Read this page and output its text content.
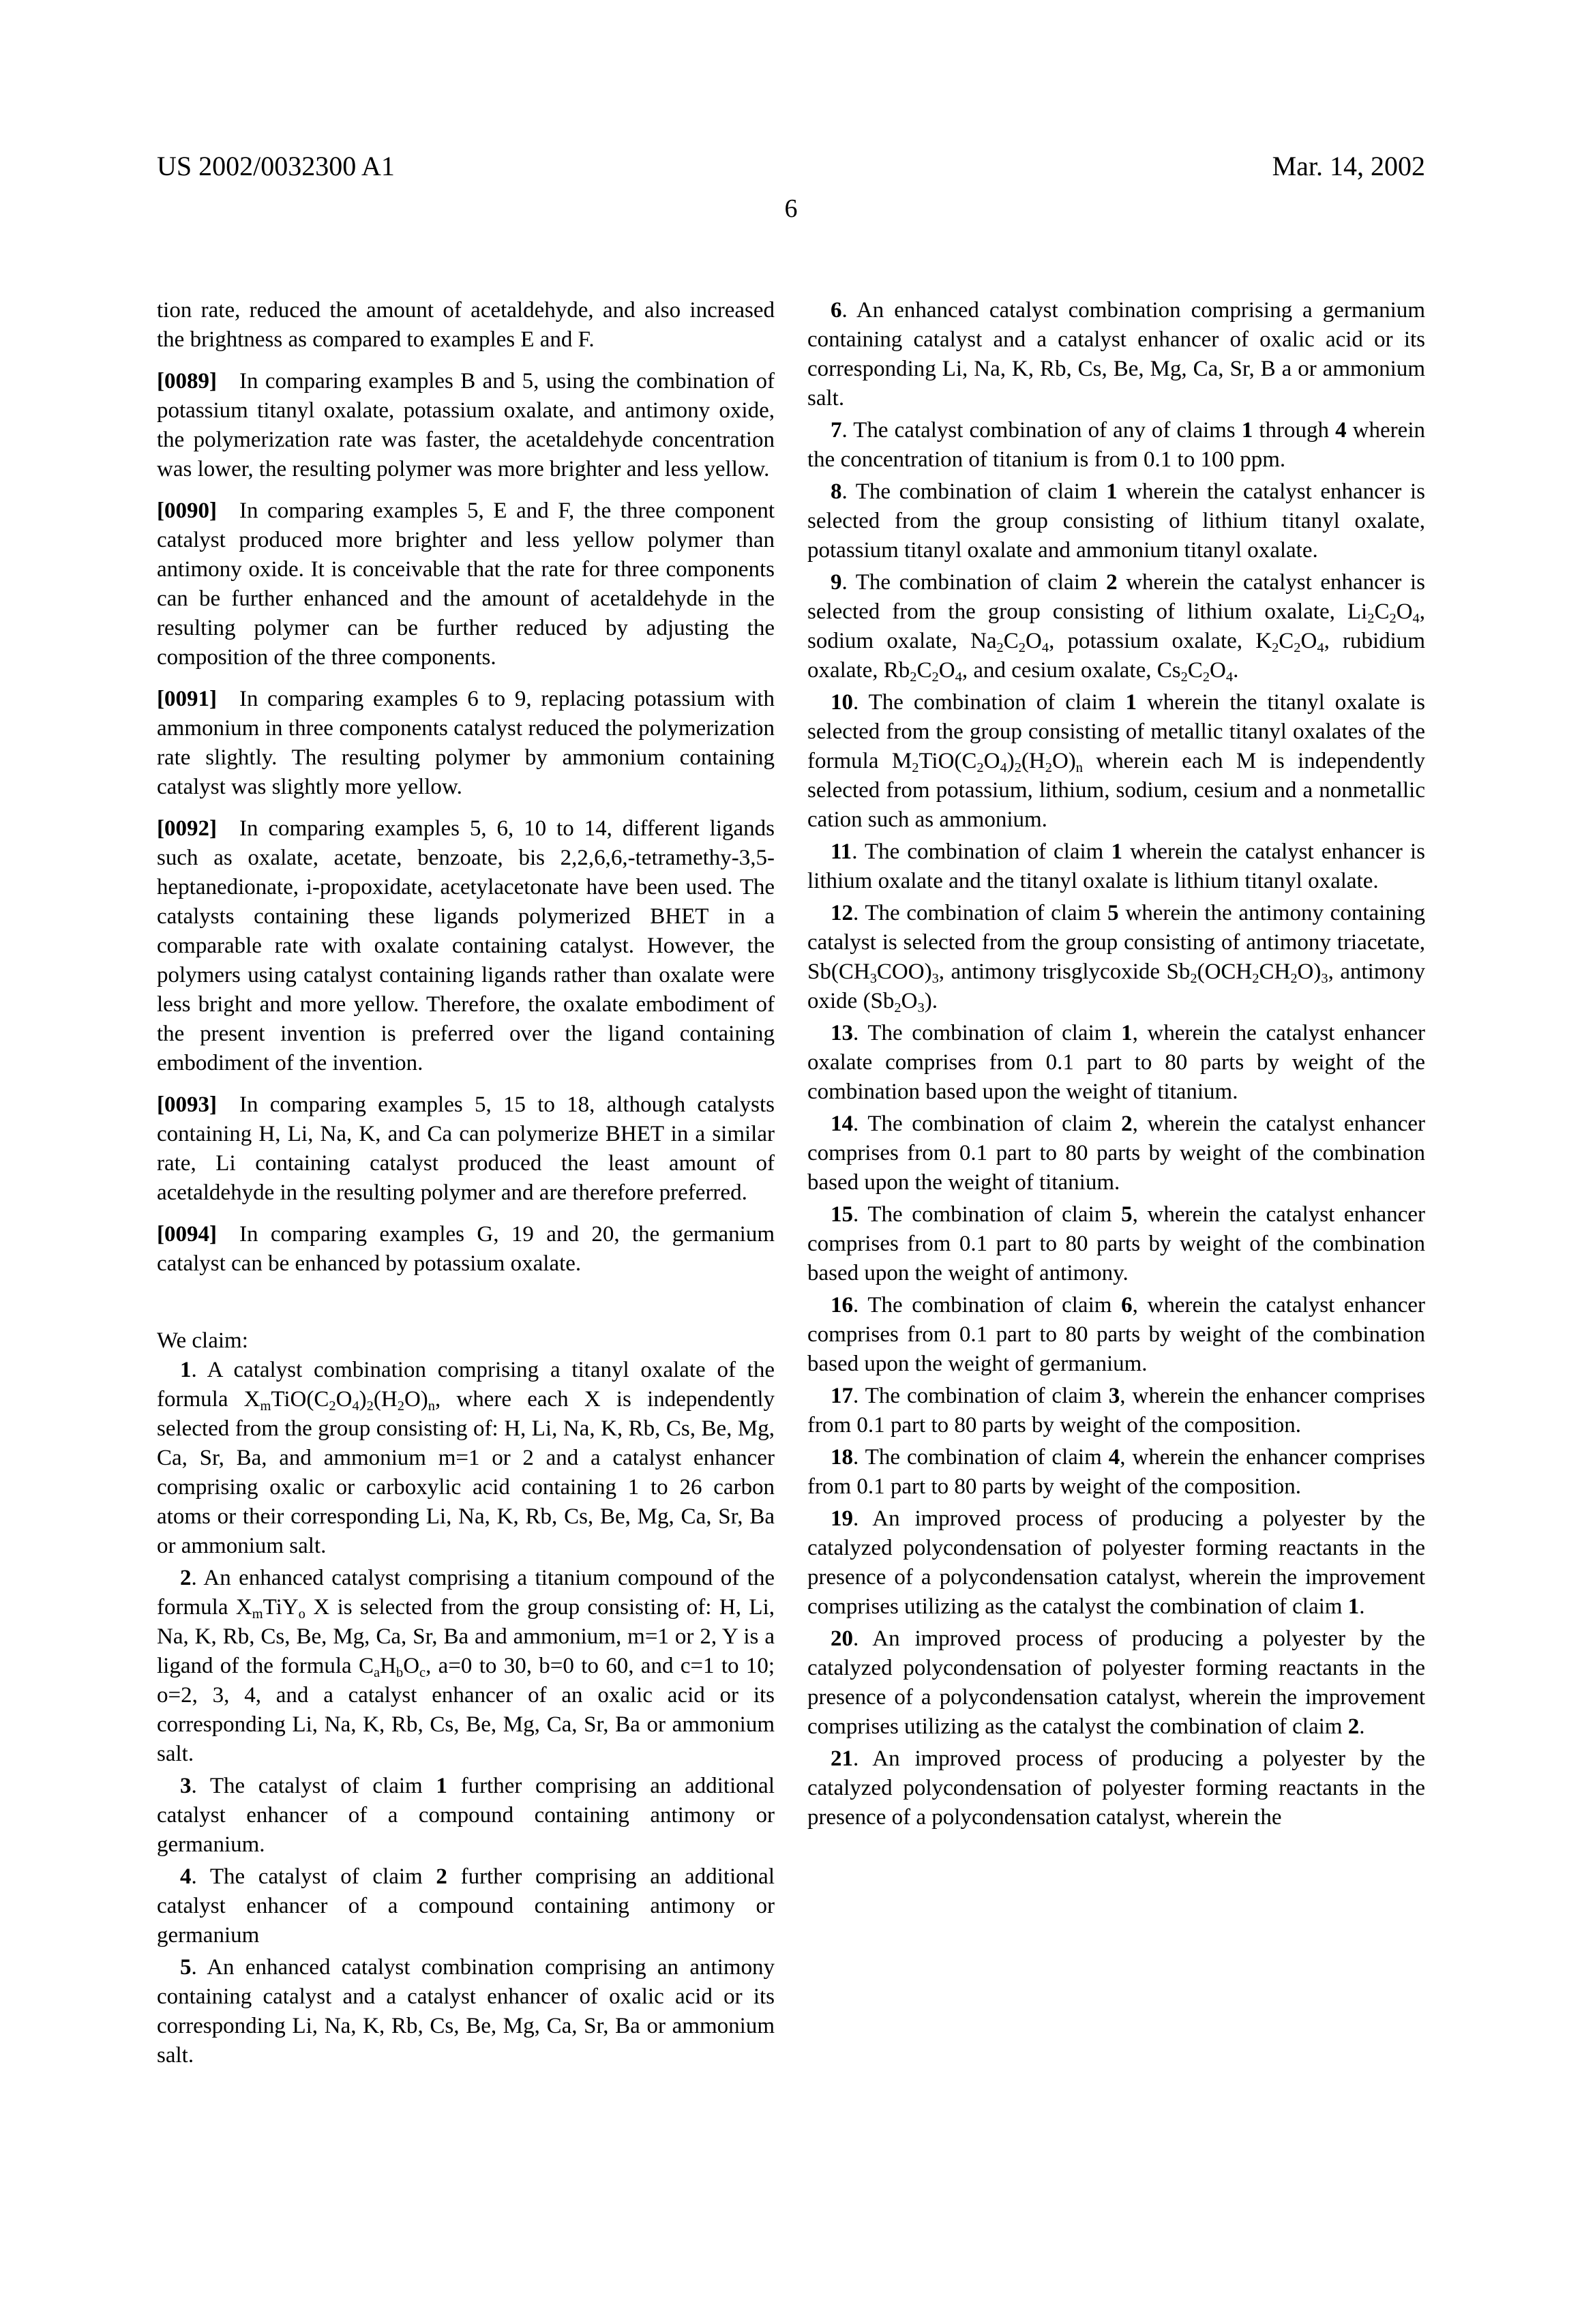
US 2002/0032300 A1	Mar. 14, 2002
6

tion rate, reduced the amount of acetaldehyde, and also increased the brightness as compared to examples E and F.

[0089] In comparing examples B and 5, using the combination of potassium titanyl oxalate, potassium oxalate, and antimony oxide, the polymerization rate was faster, the acetaldehyde concentration was lower, the resulting polymer was more brighter and less yellow.

[0090] In comparing examples 5, E and F, the three component catalyst produced more brighter and less yellow polymer than antimony oxide. It is conceivable that the rate for three components can be further enhanced and the amount of acetaldehyde in the resulting polymer can be further reduced by adjusting the composition of the three components.

[0091] In comparing examples 6 to 9, replacing potassium with ammonium in three components catalyst reduced the polymerization rate slightly. The resulting polymer by ammonium containing catalyst was slightly more yellow.

[0092] In comparing examples 5, 6, 10 to 14, different ligands such as oxalate, acetate, benzoate, bis 2,2,6,6,-tetramethy-3,5-heptanedionate, i-propoxidate, acetylacetonate have been used. The catalysts containing these ligands polymerized BHET in a comparable rate with oxalate containing catalyst. However, the polymers using catalyst containing ligands rather than oxalate were less bright and more yellow. Therefore, the oxalate embodiment of the present invention is preferred over the ligand containing embodiment of the invention.

[0093] In comparing examples 5, 15 to 18, although catalysts containing H, Li, Na, K, and Ca can polymerize BHET in a similar rate, Li containing catalyst produced the least amount of acetaldehyde in the resulting polymer and are therefore preferred.

[0094] In comparing examples G, 19 and 20, the germanium catalyst can be enhanced by potassium oxalate.

We claim:

1. A catalyst combination comprising a titanyl oxalate of the formula $X_mTiO(C_2O_4)_2(H_2O)_n$, where each X is independently selected from the group consisting of: H, Li, Na, K, Rb, Cs, Be, Mg, Ca, Sr, Ba, and ammonium m=1 or 2 and a catalyst enhancer comprising oxalic or carboxylic acid containing 1 to 26 carbon atoms or their corresponding Li, Na, K, Rb, Cs, Be, Mg, Ca, Sr, Ba or ammonium salt.

2. An enhanced catalyst comprising a titanium compound of the formula $X_mTiY_o$ X is selected from the group consisting of: H, Li, Na, K, Rb, Cs, Be, Mg, Ca, Sr, Ba and ammonium, m=1 or 2, Y is a ligand of the formula $C_aH_bO_c$, a=0 to 30, b=0 to 60, and c=1 to 10; o=2, 3, 4, and a catalyst enhancer of an oxalic acid or its corresponding Li, Na, K, Rb, Cs, Be, Mg, Ca, Sr, Ba or ammonium salt.

3. The catalyst of claim 1 further comprising an additional catalyst enhancer of a compound containing antimony or germanium.

4. The catalyst of claim 2 further comprising an additional catalyst enhancer of a compound containing antimony or germanium

5. An enhanced catalyst combination comprising an antimony containing catalyst and a catalyst enhancer of oxalic acid or its corresponding Li, Na, K, Rb, Cs, Be, Mg, Ca, Sr, Ba or ammonium salt.

6. An enhanced catalyst combination comprising a germanium containing catalyst and a catalyst enhancer of oxalic acid or its corresponding Li, Na, K, Rb, Cs, Be, Mg, Ca, Sr, B a or ammonium salt.

7. The catalyst combination of any of claims 1 through 4 wherein the concentration of titanium is from 0.1 to 100 ppm.

8. The combination of claim 1 wherein the catalyst enhancer is selected from the group consisting of lithium titanyl oxalate, potassium titanyl oxalate and ammonium titanyl oxalate.

9. The combination of claim 2 wherein the catalyst enhancer is selected from the group consisting of lithium oxalate, $Li_2C_2O_4$, sodium oxalate, $Na_2C_2O_4$, potassium oxalate, $K_2C_2O_4$, rubidium oxalate, $Rb_2C_2O_4$, and cesium oxalate, $Cs_2C_2O_4$.

10. The combination of claim 1 wherein the titanyl oxalate is selected from the group consisting of metallic titanyl oxalates of the formula $M_2TiO(C_2O_4)_2(H_2O)_n$ wherein each M is independently selected from potassium, lithium, sodium, cesium and a nonmetallic cation such as ammonium.

11. The combination of claim 1 wherein the catalyst enhancer is lithium oxalate and the titanyl oxalate is lithium titanyl oxalate.

12. The combination of claim 5 wherein the antimony containing catalyst is selected from the group consisting of antimony triacetate, $Sb(CH_3COO)_3$, antimony trisglycoxide $Sb_2(OCH_2CH_2O)_3$, antimony oxide $(Sb_2O_3)$.

13. The combination of claim 1, wherein the catalyst enhancer oxalate comprises from 0.1 part to 80 parts by weight of the combination based upon the weight of titanium.

14. The combination of claim 2, wherein the catalyst enhancer comprises from 0.1 part to 80 parts by weight of the combination based upon the weight of titanium.

15. The combination of claim 5, wherein the catalyst enhancer comprises from 0.1 part to 80 parts by weight of the combination based upon the weight of antimony.

16. The combination of claim 6, wherein the catalyst enhancer comprises from 0.1 part to 80 parts by weight of the combination based upon the weight of germanium.

17. The combination of claim 3, wherein the enhancer comprises from 0.1 part to 80 parts by weight of the composition.

18. The combination of claim 4, wherein the enhancer comprises from 0.1 part to 80 parts by weight of the composition.

19. An improved process of producing a polyester by the catalyzed polycondensation of polyester forming reactants in the presence of a polycondensation catalyst, wherein the improvement comprises utilizing as the catalyst the combination of claim 1.

20. An improved process of producing a polyester by the catalyzed polycondensation of polyester forming reactants in the presence of a polycondensation catalyst, wherein the improvement comprises utilizing as the catalyst the combination of claim 2.

21. An improved process of producing a polyester by the catalyzed polycondensation of polyester forming reactants in the presence of a polycondensation catalyst, wherein the
